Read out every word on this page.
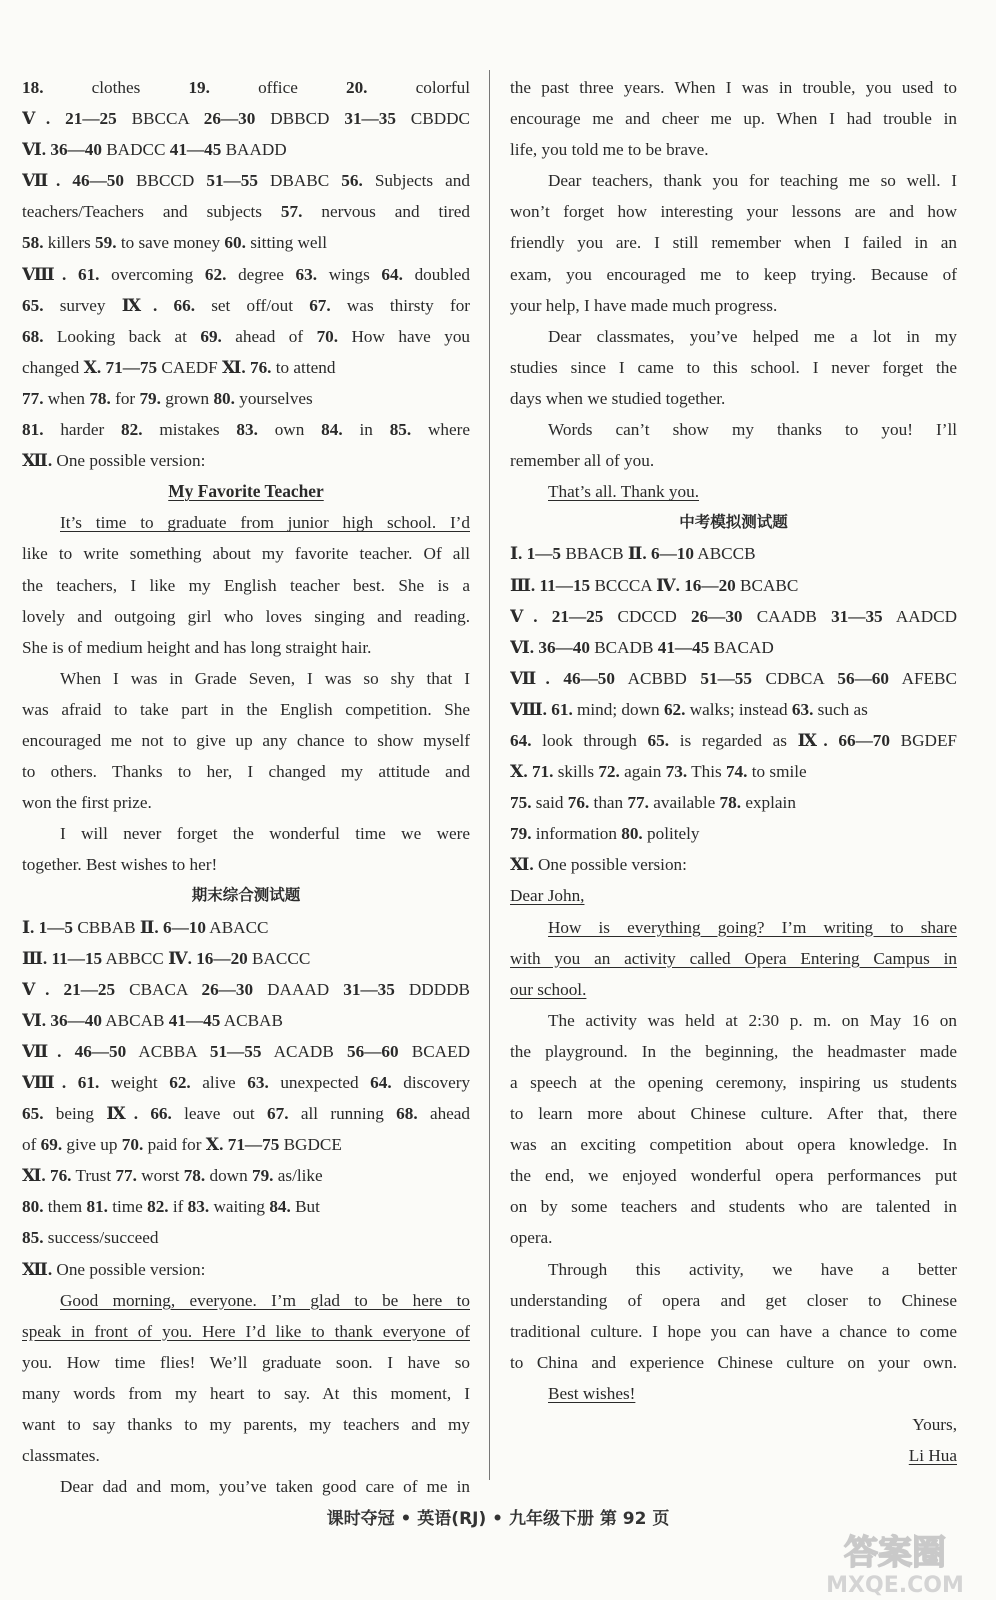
18. clothes 19. office 20. colorful
Ⅴ. 21—25 BBCCA 26—30 DBBCD 31—35 CBDDC
Ⅵ. 36—40 BADCC 41—45 BAADD
Ⅶ. 46—50 BBCCD 51—55 DBABC 56. Subjects and
teachers/Teachers and subjects 57. nervous and tired
58. killers 59. to save money 60. sitting well
Ⅷ. 61. overcoming 62. degree 63. wings 64. doubled
65. survey Ⅸ. 66. set off/out 67. was thirsty for
68. Looking back at 69. ahead of 70. How have you
changed Ⅹ. 71—75 CAEDF Ⅺ. 76. to attend
77. when 78. for 79. grown 80. yourselves
81. harder 82. mistakes 83. own 84. in 85. where
Ⅻ. One possible version:
My Favorite Teacher
It’s time to graduate from junior high school. I’d
like to write something about my favorite teacher. Of all
the teachers, I like my English teacher best. She is a
lovely and outgoing girl who loves singing and reading.
She is of medium height and has long straight hair.
When I was in Grade Seven, I was so shy that I
was afraid to take part in the English competition. She
encouraged me not to give up any chance to show myself
to others. Thanks to her, I changed my attitude and
won the first prize.
I will never forget the wonderful time we were
together. Best wishes to her!
期末综合测试题
Ⅰ. 1—5 CBBAB Ⅱ. 6—10 ABACC
Ⅲ. 11—15 ABBCC Ⅳ. 16—20 BACCC
Ⅴ. 21—25 CBACA 26—30 DAAAD 31—35 DDDDB
Ⅵ. 36—40 ABCAB 41—45 ACBAB
Ⅶ. 46—50 ACBBA 51—55 ACADB 56—60 BCAED
Ⅷ. 61. weight 62. alive 63. unexpected 64. discovery
65. being Ⅸ. 66. leave out 67. all running 68. ahead
of 69. give up 70. paid for Ⅹ. 71—75 BGDCE
Ⅺ. 76. Trust 77. worst 78. down 79. as/like
80. them 81. time 82. if 83. waiting 84. But
85. success/succeed
Ⅻ. One possible version:
Good morning, everyone. I’m glad to be here to
speak in front of you. Here I’d like to thank everyone of
you. How time flies! We’ll graduate soon. I have so
many words from my heart to say. At this moment, I
want to say thanks to my parents, my teachers and my
classmates.
Dear dad and mom, you’ve taken good care of me in
the past three years. When I was in trouble, you used to
encourage me and cheer me up. When I had trouble in
life, you told me to be brave.
Dear teachers, thank you for teaching me so well. I
won’t forget how interesting your lessons are and how
friendly you are. I still remember when I failed in an
exam, you encouraged me to keep trying. Because of
your help, I have made much progress.
Dear classmates, you’ve helped me a lot in my
studies since I came to this school. I never forget the
days when we studied together.
Words can’t show my thanks to you! I’ll
remember all of you.
That’s all. Thank you.
中考模拟测试题
Ⅰ. 1—5 BBACB Ⅱ. 6—10 ABCCB
Ⅲ. 11—15 BCCCA Ⅳ. 16—20 BCABC
Ⅴ. 21—25 CDCCD 26—30 CAADB 31—35 AADCD
Ⅵ. 36—40 BCADB 41—45 BACAD
Ⅶ. 46—50 ACBBD 51—55 CDBCA 56—60 AFEBC
Ⅷ. 61. mind; down 62. walks; instead 63. such as
64. look through 65. is regarded as Ⅸ. 66—70 BGDEF
Ⅹ. 71. skills 72. again 73. This 74. to smile
75. said 76. than 77. available 78. explain
79. information 80. politely
Ⅺ. One possible version:
Dear John,
How is everything going? I’m writing to share
with you an activity called Opera Entering Campus in
our school.
The activity was held at 2:30 p. m. on May 16 on
the playground. In the beginning, the headmaster made
a speech at the opening ceremony, inspiring us students
to learn more about Chinese culture. After that, there
was an exciting competition about opera knowledge. In
the end, we enjoyed wonderful opera performances put
on by some teachers and students who are talented in
opera.
Through this activity, we have a better
understanding of opera and get closer to Chinese
traditional culture. I hope you can have a chance to come
to China and experience Chinese culture on your own.
Best wishes!
Yours,
Li Hua
课时夺冠 • 英语(RJ) • 九年级下册 第 92 页
答案圈
MXQE.COM
